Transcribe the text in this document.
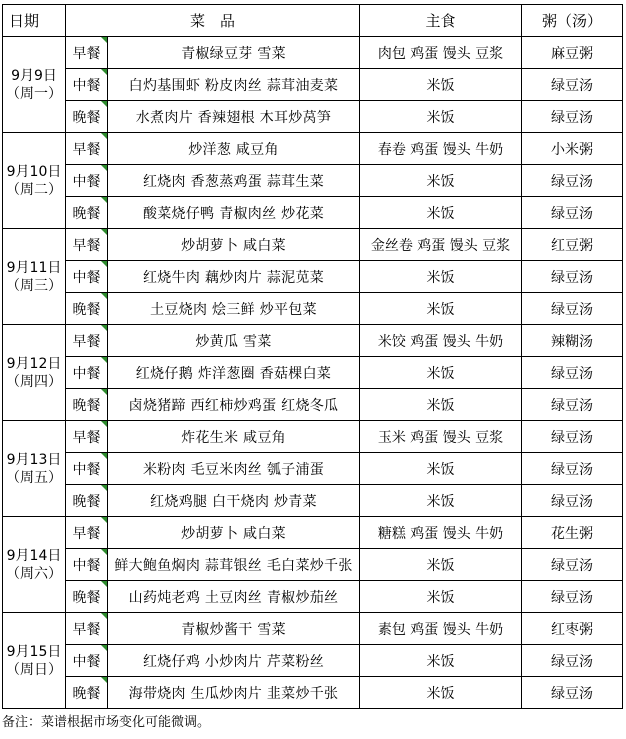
日期	菜　品		主食	粥（汤）

9月9日
（周一）	早餐	青椒绿豆芽 雪菜	肉包 鸡蛋 馒头 豆浆	麻豆粥
	中餐	白灼基围虾 粉皮肉丝 蒜茸油麦菜	米饭	绿豆汤
	晚餐	水煮肉片 香辣翅根 木耳炒莴笋	米饭	绿豆汤

9月10日
（周二）	早餐	炒洋葱 咸豆角	春卷 鸡蛋 馒头 牛奶	小米粥
	中餐	红烧肉 香葱蒸鸡蛋 蒜茸生菜	米饭	绿豆汤
	晚餐	酸菜烧仔鸭 青椒肉丝 炒花菜	米饭	绿豆汤

9月11日
（周三）	早餐	炒胡萝卜 咸白菜	金丝卷 鸡蛋 馒头 豆浆	红豆粥
	中餐	红烧牛肉 藕炒肉片 蒜泥苋菜	米饭	绿豆汤
	晚餐	土豆烧肉 烩三鲜 炒平包菜	米饭	绿豆汤

9月12日
（周四）	早餐	炒黄瓜 雪菜	米饺 鸡蛋 馒头 牛奶	辣糊汤
	中餐	红烧仔鹅 炸洋葱圈 香菇棵白菜	米饭	绿豆汤
	晚餐	卤烧猪蹄 西红柿炒鸡蛋 红烧冬瓜	米饭	绿豆汤

9月13日
（周五）	早餐	炸花生米 咸豆角	玉米 鸡蛋 馒头 豆浆	绿豆汤
	中餐	米粉肉 毛豆米肉丝 瓠子浦蛋	米饭	绿豆汤
	晚餐	红烧鸡腿 白干烧肉 炒青菜	米饭	绿豆汤

9月14日
（周六）	早餐	炒胡萝卜 咸白菜	糖糕 鸡蛋 馒头 牛奶	花生粥
	中餐	鲜大鲍鱼焖肉 蒜茸银丝 毛白菜炒千张	米饭	绿豆汤
	晚餐	山药炖老鸡 土豆肉丝 青椒炒茄丝	米饭	绿豆汤

9月15日
（周日）	早餐	青椒炒酱干 雪菜	素包 鸡蛋 馒头 牛奶	红枣粥
	中餐	红烧仔鸡 小炒肉片 芹菜粉丝	米饭	绿豆汤
	晚餐	海带烧肉 生瓜炒肉片 韭菜炒千张	米饭	绿豆汤
备注：菜谱根据市场变化可能微调。
